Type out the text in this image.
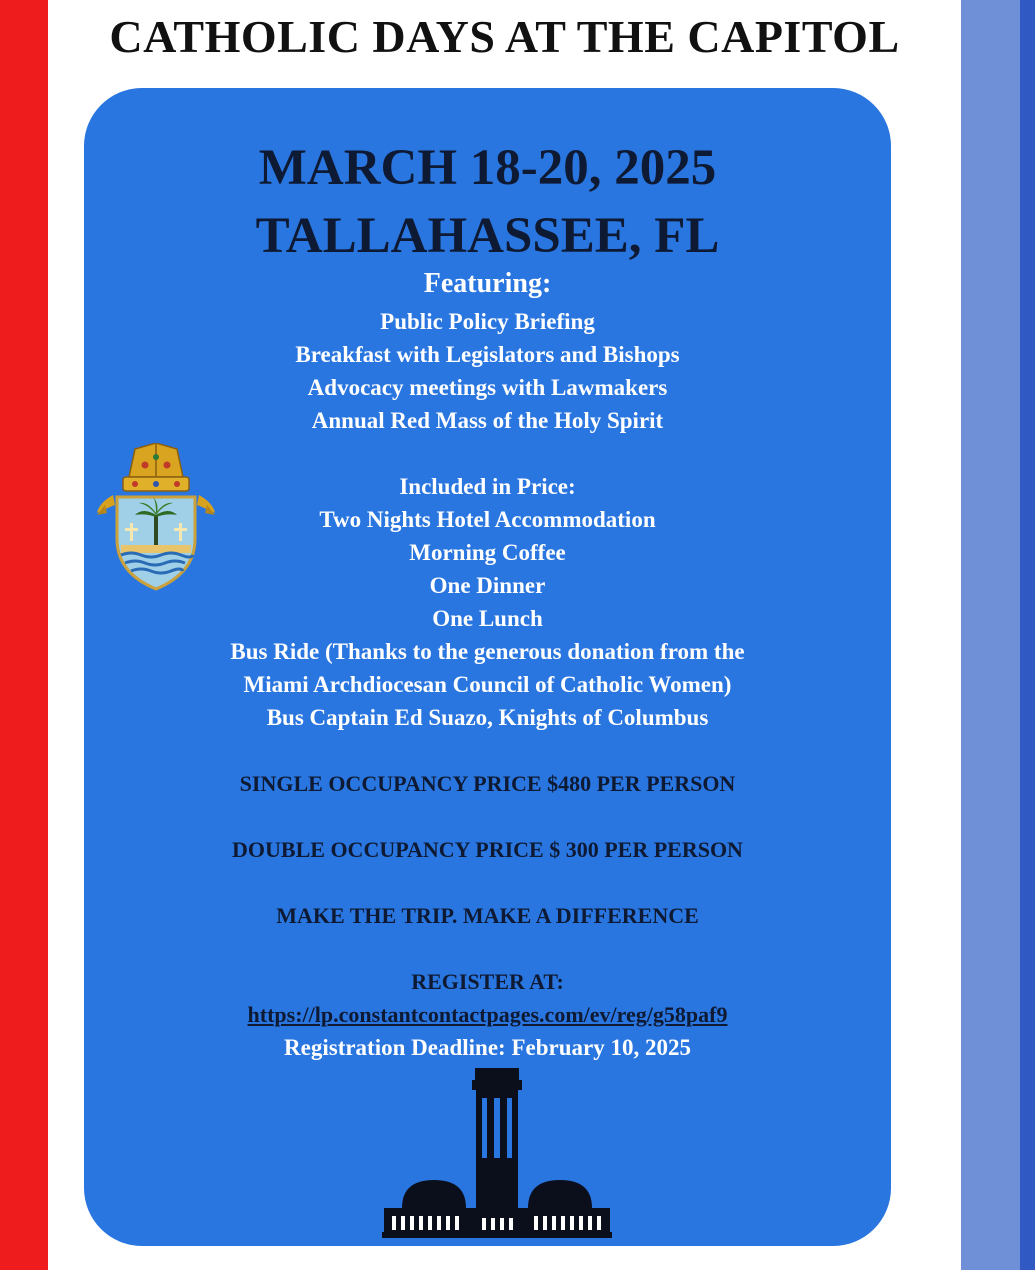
CATHOLIC DAYS AT THE CAPITOL

MARCH 18-20, 2025

TALLAHASSEE, FL

Featuring:

Public Policy Briefing

Breakfast with Legislators and Bishops

Advocacy meetings with Lawmakers

Annual Red Mass of the Holy Spirit

Included in Price:

Two Nights Hotel Accommodation

Morning Coffee

One Dinner

One Lunch

Bus Ride (Thanks to the generous donation from the

Miami Archdiocesan Council of Catholic Women)

Bus Captain Ed Suazo, Knights of Columbus

SINGLE OCCUPANCY PRICE $480 PER PERSON

DOUBLE OCCUPANCY PRICE $ 300 PER PERSON

MAKE THE TRIP. MAKE A DIFFERENCE

REGISTER AT:

https://lp.constantcontactpages.com/ev/reg/g58paf9

Registration Deadline: February 10, 2025
